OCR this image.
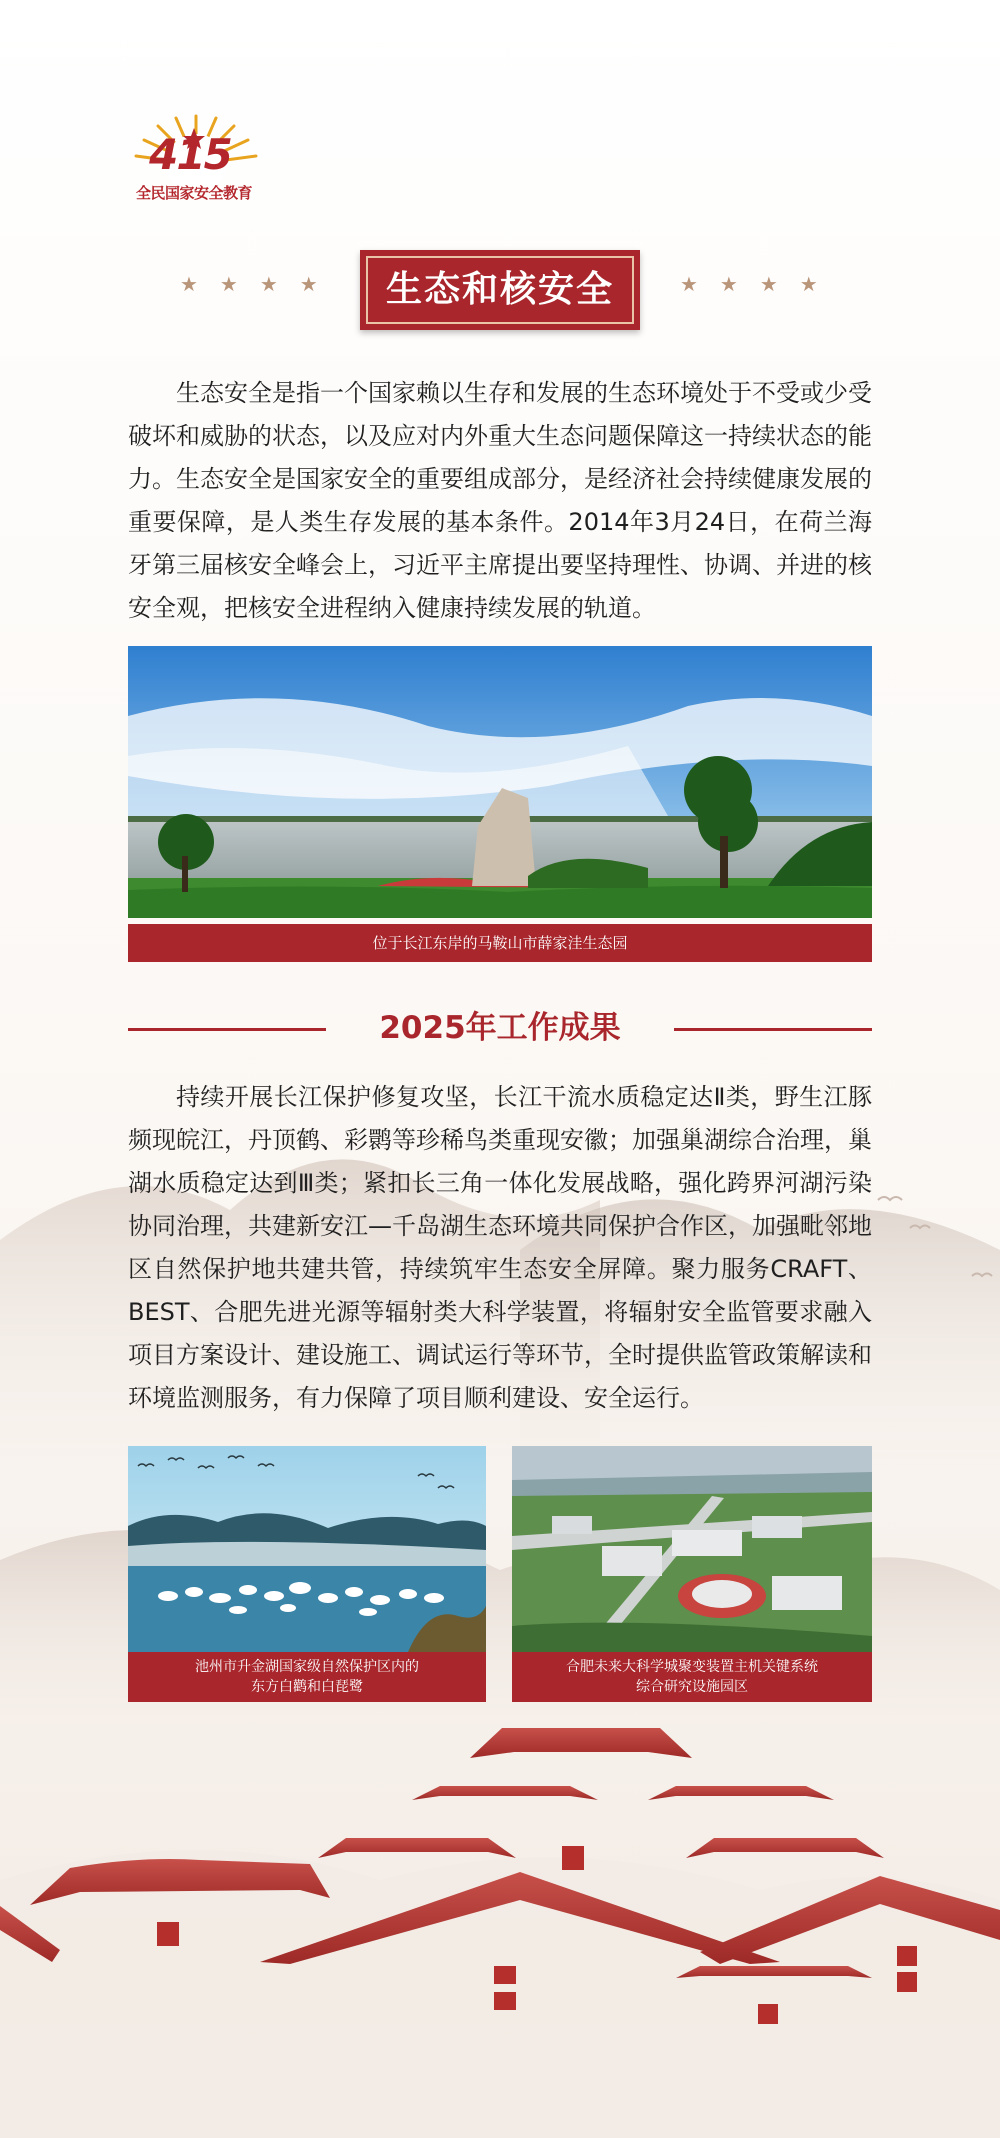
415
全民国家安全教育
★★★★	★★★★
生态和核安全

生态安全是指一个国家赖以生存和发展的生态环境处于不受或少受破坏和威胁的状态，以及应对内外重大生态问题保障这一持续状态的能力。生态安全是国家安全的重要组成部分，是经济社会持续健康发展的重要保障，是人类生存发展的基本条件。2014年3月24日，在荷兰海牙第三届核安全峰会上，习近平主席提出要坚持理性、协调、并进的核安全观，把核安全进程纳入健康持续发展的轨道。

位于长江东岸的马鞍山市薛家洼生态园
2025年工作成果

持续开展长江保护修复攻坚，长江干流水质稳定达Ⅱ类，野生江豚频现皖江，丹顶鹤、彩鹮等珍稀鸟类重现安徽；加强巢湖综合治理，巢湖水质稳定达到Ⅲ类；紧扣长三角一体化发展战略，强化跨界河湖污染协同治理，共建新安江—千岛湖生态环境共同保护合作区，加强毗邻地区自然保护地共建共管，持续筑牢生态安全屏障。聚力服务CRAFT、BEST、合肥先进光源等辐射类大科学装置，将辐射安全监管要求融入项目方案设计、建设施工、调试运行等环节，全时提供监管政策解读和环境监测服务，有力保障了项目顺利建设、安全运行。

池州市升金湖国家级自然保护区内的
东方白鹳和白琵鹭
合肥未来大科学城聚变装置主机关键系统
综合研究设施园区
